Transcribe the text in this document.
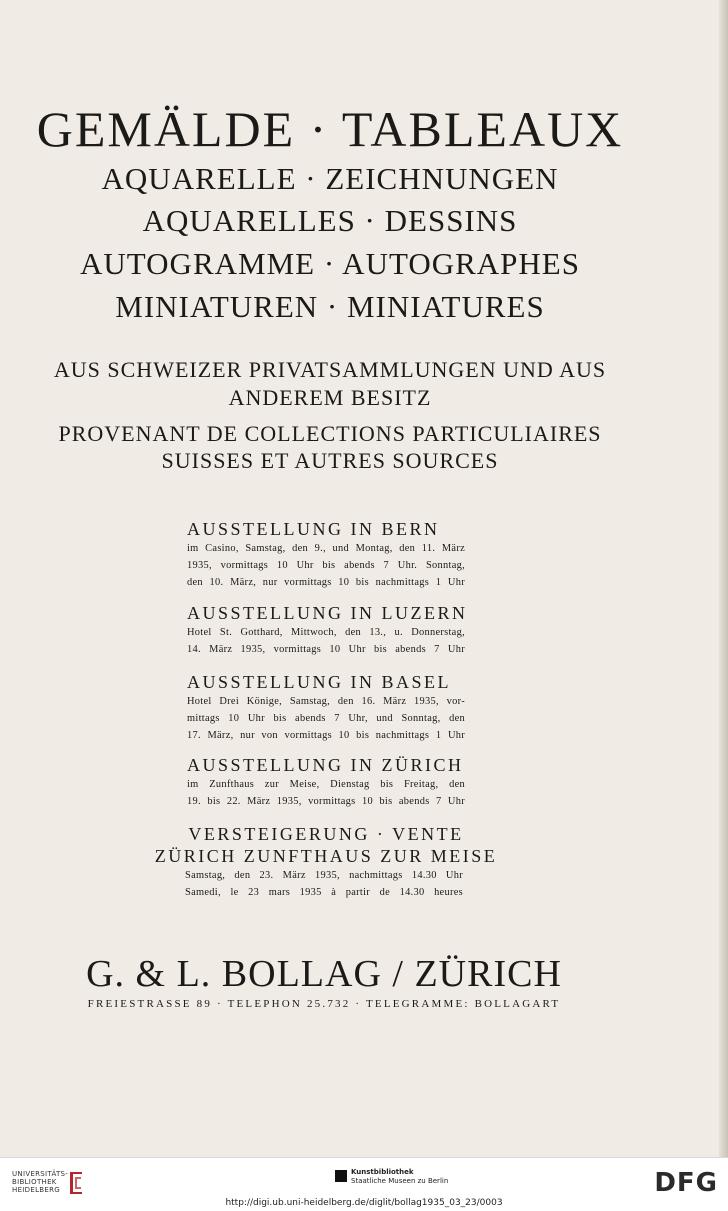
GEMÄLDE · TABLEAUX
AQUARELLE · ZEICHNUNGEN
AQUARELLES · DESSINS
AUTOGRAMME · AUTOGRAPHES
MINIATUREN · MINIATURES
AUS SCHWEIZER PRIVATSAMMLUNGEN UND AUS
ANDEREM BESITZ
PROVENANT DE COLLECTIONS PARTICULIAIRES
SUISSES ET AUTRES SOURCES
AUSSTELLUNG IN BERN
im Casino, Samstag, den 9., und Montag, den 11. März
1935, vormittags 10 Uhr bis abends 7 Uhr. Sonntag,
den 10. März, nur vormittags 10 bis nachmittags 1 Uhr
AUSSTELLUNG IN LUZERN
Hotel St. Gotthard, Mittwoch, den 13., u. Donnerstag,
14. März 1935, vormittags 10 Uhr bis abends 7 Uhr
AUSSTELLUNG IN BASEL
Hotel Drei Könige, Samstag, den 16. März 1935, vor-
mittags 10 Uhr bis abends 7 Uhr, und Sonntag, den
17. März, nur von vormittags 10 bis nachmittags 1 Uhr
AUSSTELLUNG IN ZÜRICH
im Zunfthaus zur Meise, Dienstag bis Freitag, den
19. bis 22. März 1935, vormittags 10 bis abends 7 Uhr
VERSTEIGERUNG · VENTE
ZÜRICH ZUNFTHAUS ZUR MEISE
Samstag, den 23. März 1935, nachmittags 14.30 Uhr
Samedi, le 23 mars 1935 à partir de 14.30 heures
G. & L. BOLLAG / ZÜRICH
FREIESTRASSE 89 · TELEPHON 25.732 · TELEGRAMME: BOLLAGART
UNIVERSITÄTS-
BIBLIOTHEK
HEIDELBERG
Kunstbibliothek
Staatliche Museen zu Berlin	DFG
http://digi.ub.uni-heidelberg.de/diglit/bollag1935_03_23/0003
